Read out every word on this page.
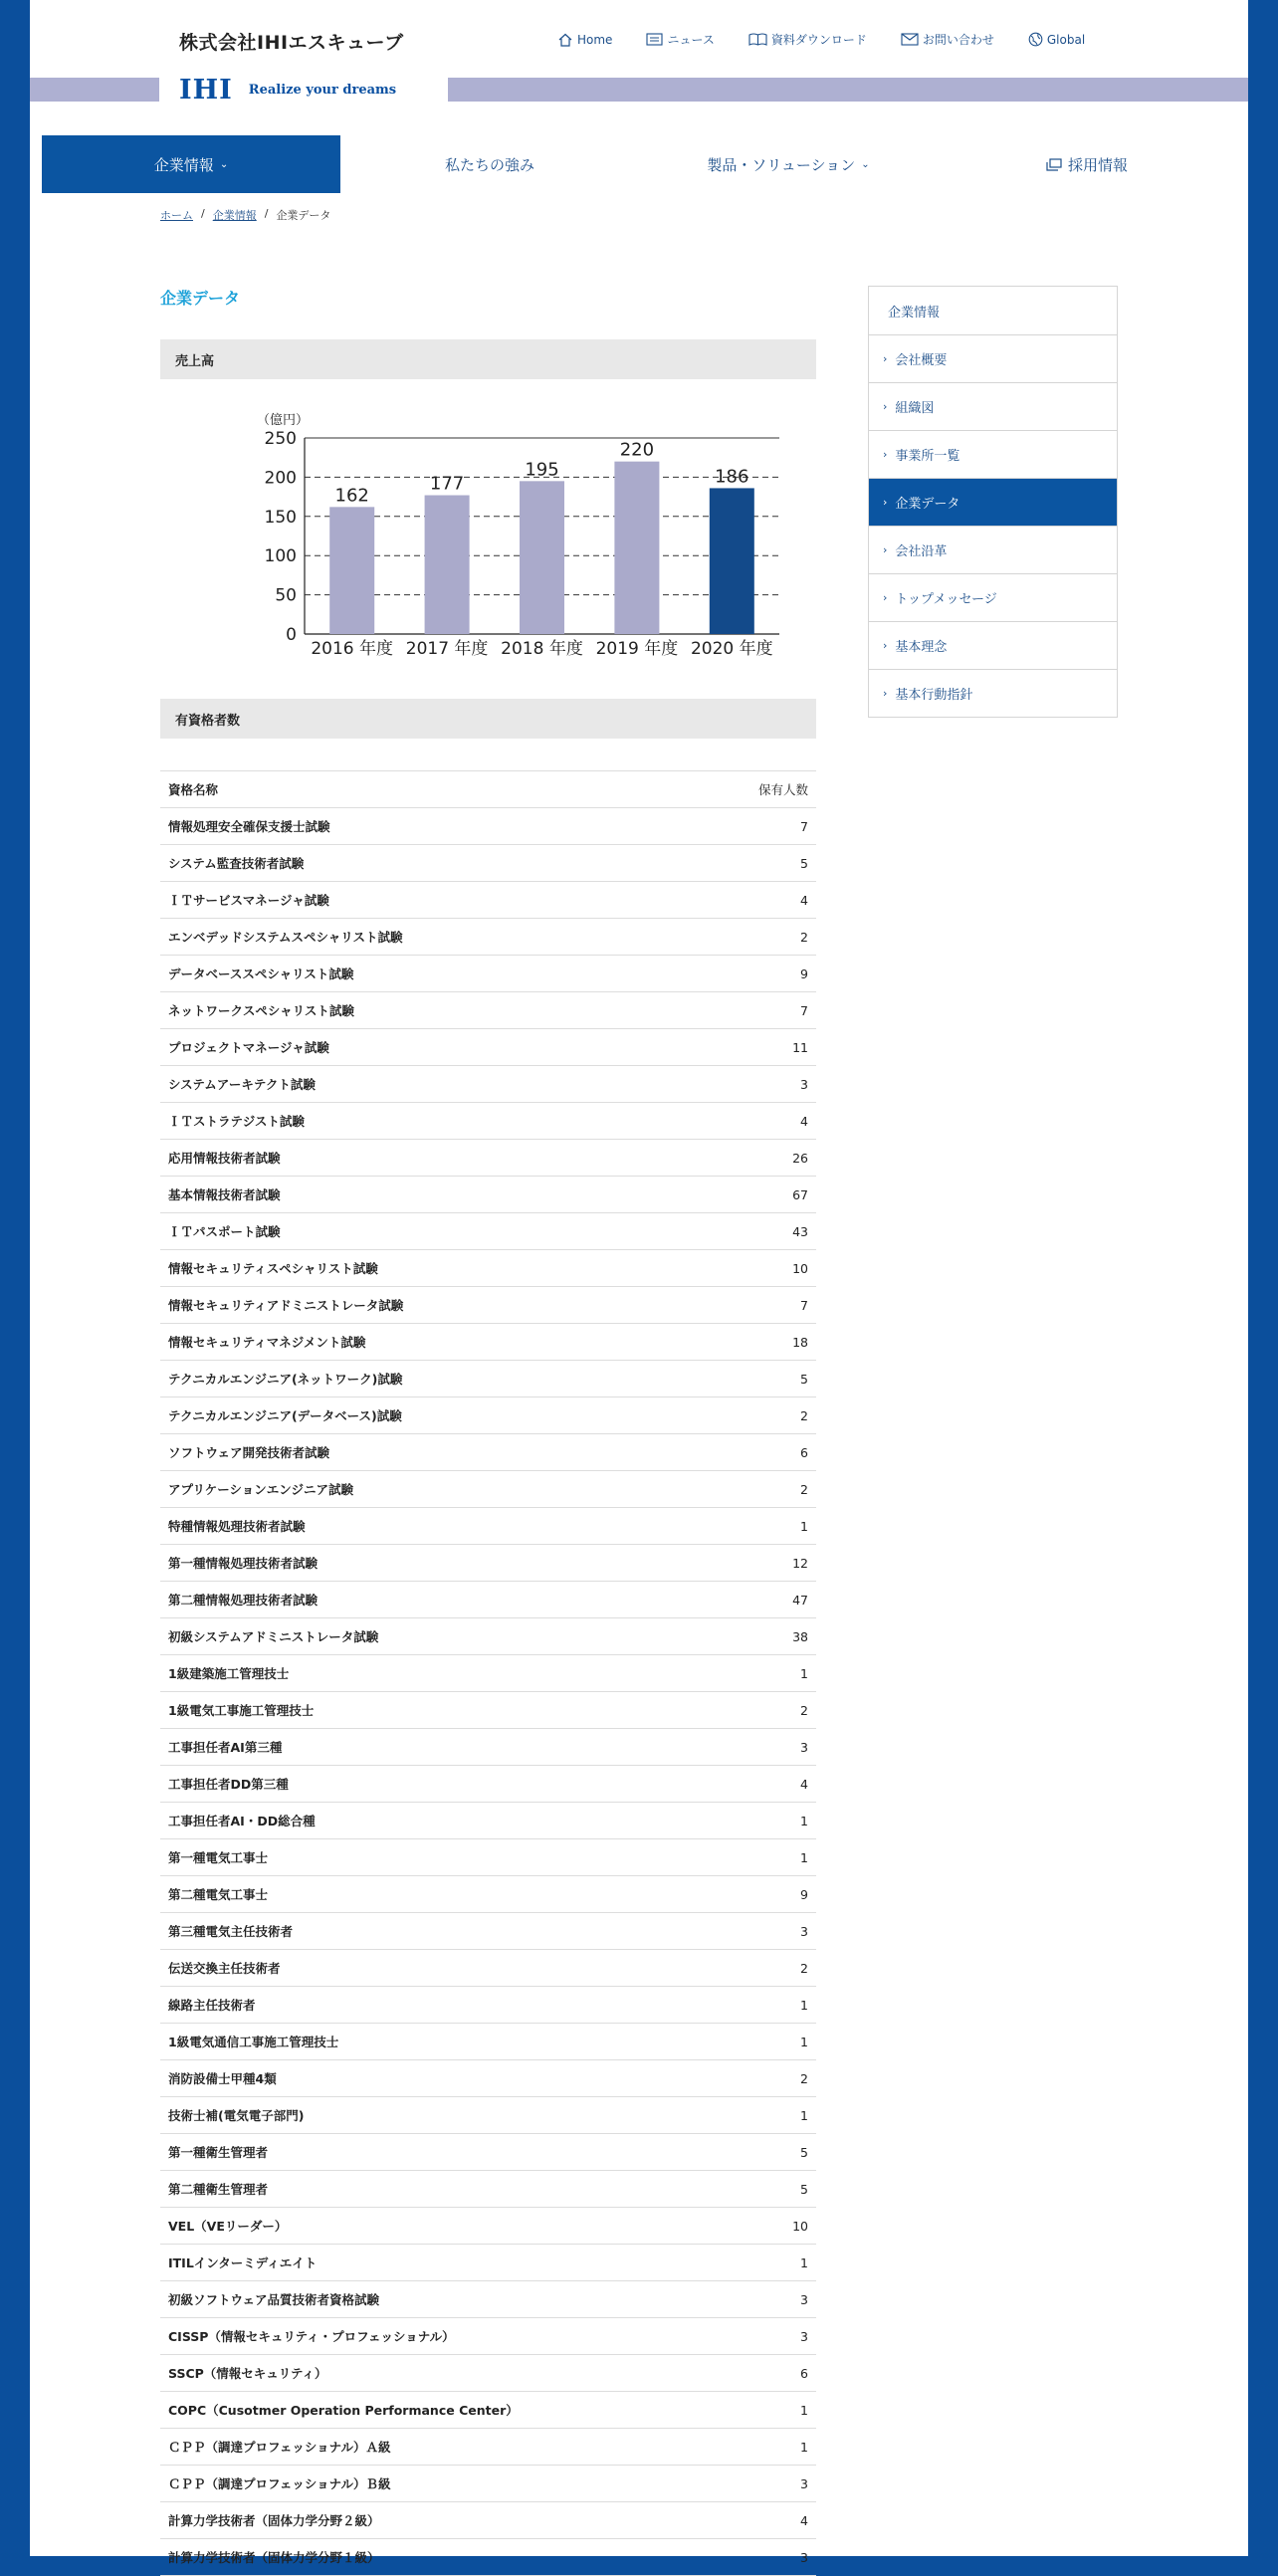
株式会社IHIエスキューブ	Home	ニュース	資料ダウンロード	お問い合わせ	Global
IHI Realize your dreams
企業情報 ⌄	私たちの強み	製品・ソリューション ⌄	採用情報
ホーム / 企業情報 / 企業データ
企業データ
売上高
（億円）
0
50
100
150
200
250
162
2016 年度
177
2017 年度
195
2018 年度
220
2019 年度
186
2020 年度
有資格者数
資格名称	保有人数
情報処理安全確保支援士試験	7
システム監査技術者試験	5
ＩＴサービスマネージャ試験	4
エンベデッドシステムスペシャリスト試験	2
データベーススペシャリスト試験	9
ネットワークスペシャリスト試験	7
プロジェクトマネージャ試験	11
システムアーキテクト試験	3
ＩＴストラテジスト試験	4
応用情報技術者試験	26
基本情報技術者試験	67
ＩＴパスポート試験	43
情報セキュリティスペシャリスト試験	10
情報セキュリティアドミニストレータ試験	7
情報セキュリティマネジメント試験	18
テクニカルエンジニア(ネットワーク)試験	5
テクニカルエンジニア(データベース)試験	2
ソフトウェア開発技術者試験	6
アプリケーションエンジニア試験	2
特種情報処理技術者試験	1
第一種情報処理技術者試験	12
第二種情報処理技術者試験	47
初級システムアドミニストレータ試験	38
1級建築施工管理技士	1
1級電気工事施工管理技士	2
工事担任者AI第三種	3
工事担任者DD第三種	4
工事担任者AI・DD総合種	1
第一種電気工事士	1
第二種電気工事士	9
第三種電気主任技術者	3
伝送交換主任技術者	2
線路主任技術者	1
1級電気通信工事施工管理技士	1
消防設備士甲種4類	2
技術士補(電気電子部門)	1
第一種衛生管理者	5
第二種衛生管理者	5
VEL（VEリーダー）	10
ITILインターミディエイト	1
初級ソフトウェア品質技術者資格試験	3
CISSP（情報セキュリティ・プロフェッショナル）	3
SSCP（情報セキュリティ）	6
COPC（Cusotmer Operation Performance Center）	1
ＣＰＰ（調達プロフェッショナル）Ａ級	1
ＣＰＰ（調達プロフェッショナル）Ｂ級	3
計算力学技術者（固体力学分野２級）	4
計算力学技術者（固体力学分野１級）	3
企業情報
› 会社概要
› 組織図
› 事業所一覧
› 企業データ
› 会社沿革
› トップメッセージ
› 基本理念
› 基本行動指針
